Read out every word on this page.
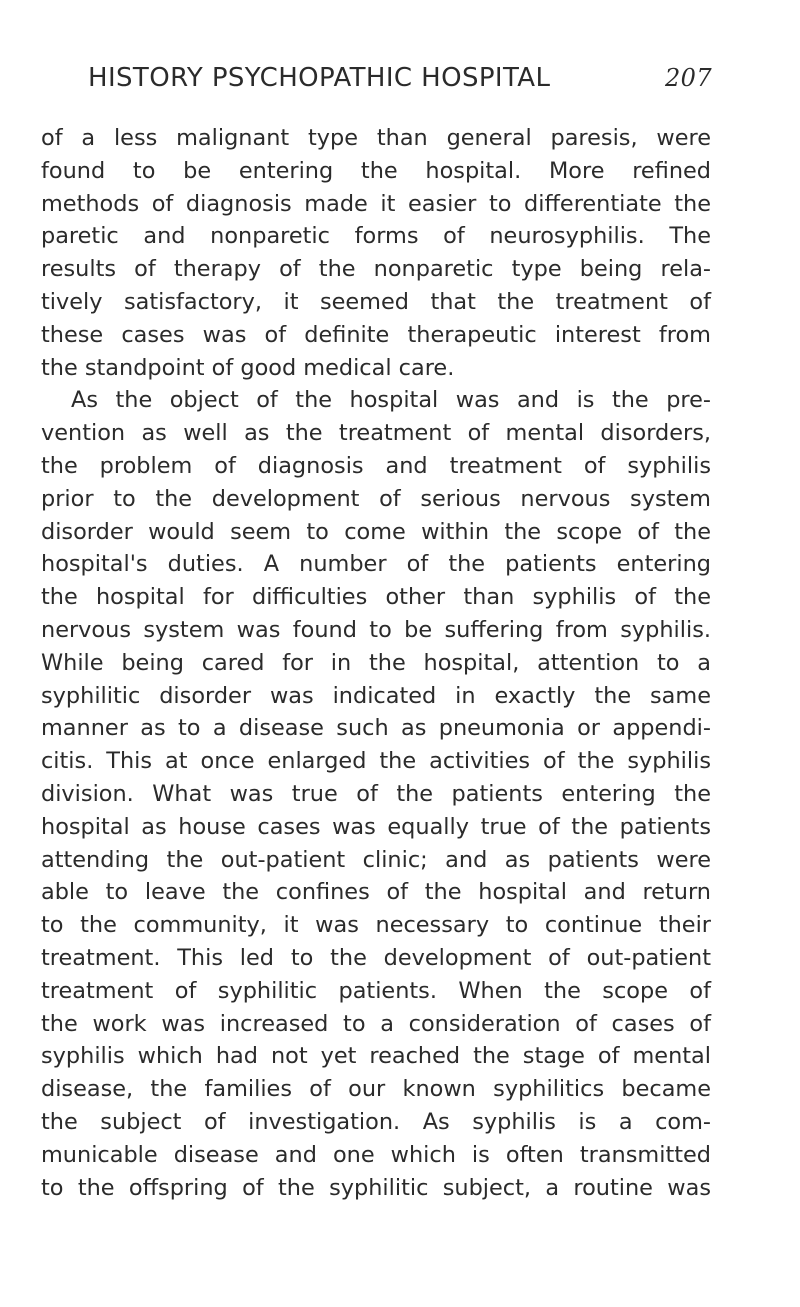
HISTORY PSYCHOPATHIC HOSPITAL	207
of a less malignant type than general paresis, were
found to be entering the hospital. More refined
methods of diagnosis made it easier to differentiate the
paretic and nonparetic forms of neurosyphilis. The
results of therapy of the nonparetic type being rela-
tively satisfactory, it seemed that the treatment of
these cases was of definite therapeutic interest from
the standpoint of good medical care.
As the object of the hospital was and is the pre-
vention as well as the treatment of mental disorders,
the problem of diagnosis and treatment of syphilis
prior to the development of serious nervous system
disorder would seem to come within the scope of the
hospital's duties. A number of the patients entering
the hospital for difficulties other than syphilis of the
nervous system was found to be suffering from syphilis.
While being cared for in the hospital, attention to a
syphilitic disorder was indicated in exactly the same
manner as to a disease such as pneumonia or appendi-
citis. This at once enlarged the activities of the syphilis
division. What was true of the patients entering the
hospital as house cases was equally true of the patients
attending the out-patient clinic; and as patients were
able to leave the confines of the hospital and return
to the community, it was necessary to continue their
treatment. This led to the development of out-patient
treatment of syphilitic patients. When the scope of
the work was increased to a consideration of cases of
syphilis which had not yet reached the stage of mental
disease, the families of our known syphilitics became
the subject of investigation. As syphilis is a com-
municable disease and one which is often transmitted
to the offspring of the syphilitic subject, a routine was
